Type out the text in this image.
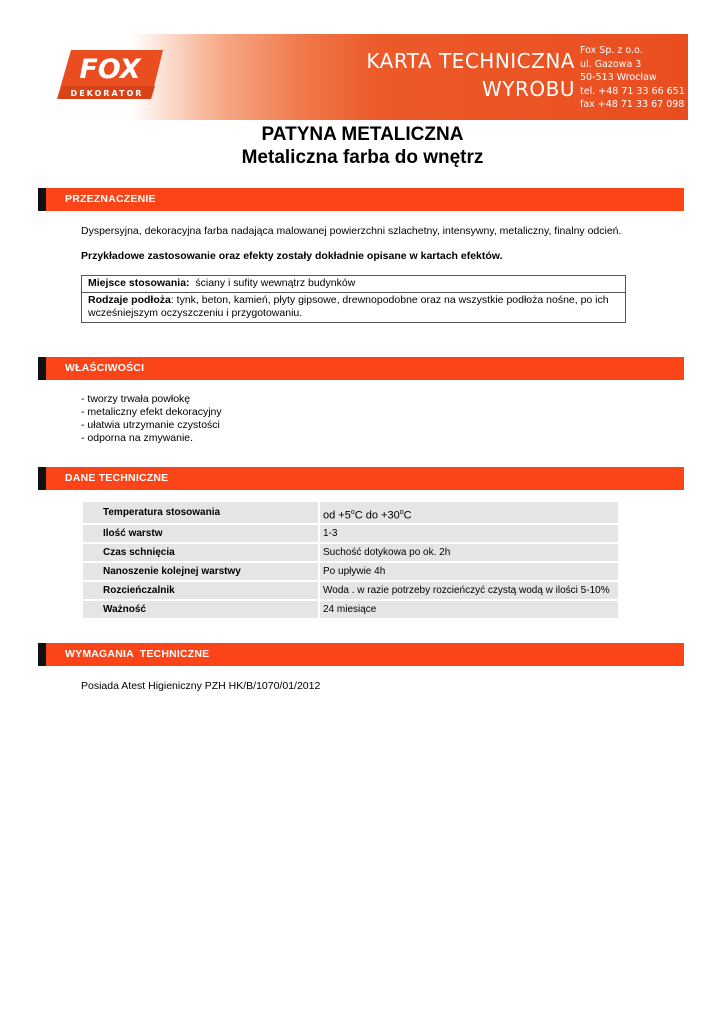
FOX
DEKORATOR
KARTA TECHNICZNA
WYROBU
Fox Sp. z o.o.
ul. Gazowa 3
50-513 Wrocław
tel. +48 71 33 66 651
fax +48 71 33 67 098
PATYNA METALICZNA
Metaliczna farba do wnętrz
PRZEZNACZENIE
Dyspersyjna, dekoracyjna farba nadająca malowanej powierzchni szlachetny, intensywny, metaliczny, finalny odcień.
Przykładowe zastosowanie oraz efekty zostały dokładnie opisane w kartach efektów.
Miejsce stosowania:  ściany i sufity wewnątrz budynków
Rodzaje podłoża: tynk, beton, kamień, płyty gipsowe, drewnopodobne oraz na wszystkie podłoża nośne, po ich wcześniejszym oczyszczeniu i przygotowaniu.
WŁAŚCIWOŚCI
- tworzy trwała powłokę
- metaliczny efekt dekoracyjny
- ułatwia utrzymanie czystości
- odporna na zmywanie.
DANE TECHNICZNE
Temperatura stosowania	od $+5^oC$ do $+30^oC$
Ilość warstw	1-3
Czas schnięcia	Suchość dotykowa po ok. 2h
Nanoszenie kolejnej warstwy	Po upływie 4h
Rozcieńczalnik	Woda . w razie potrzeby rozcieńczyć czystą wodą w ilości 5-10%
Ważność	24 miesiące
WYMAGANIA  TECHNICZNE
Posiada Atest Higieniczny PZH HK/B/1070/01/2012
